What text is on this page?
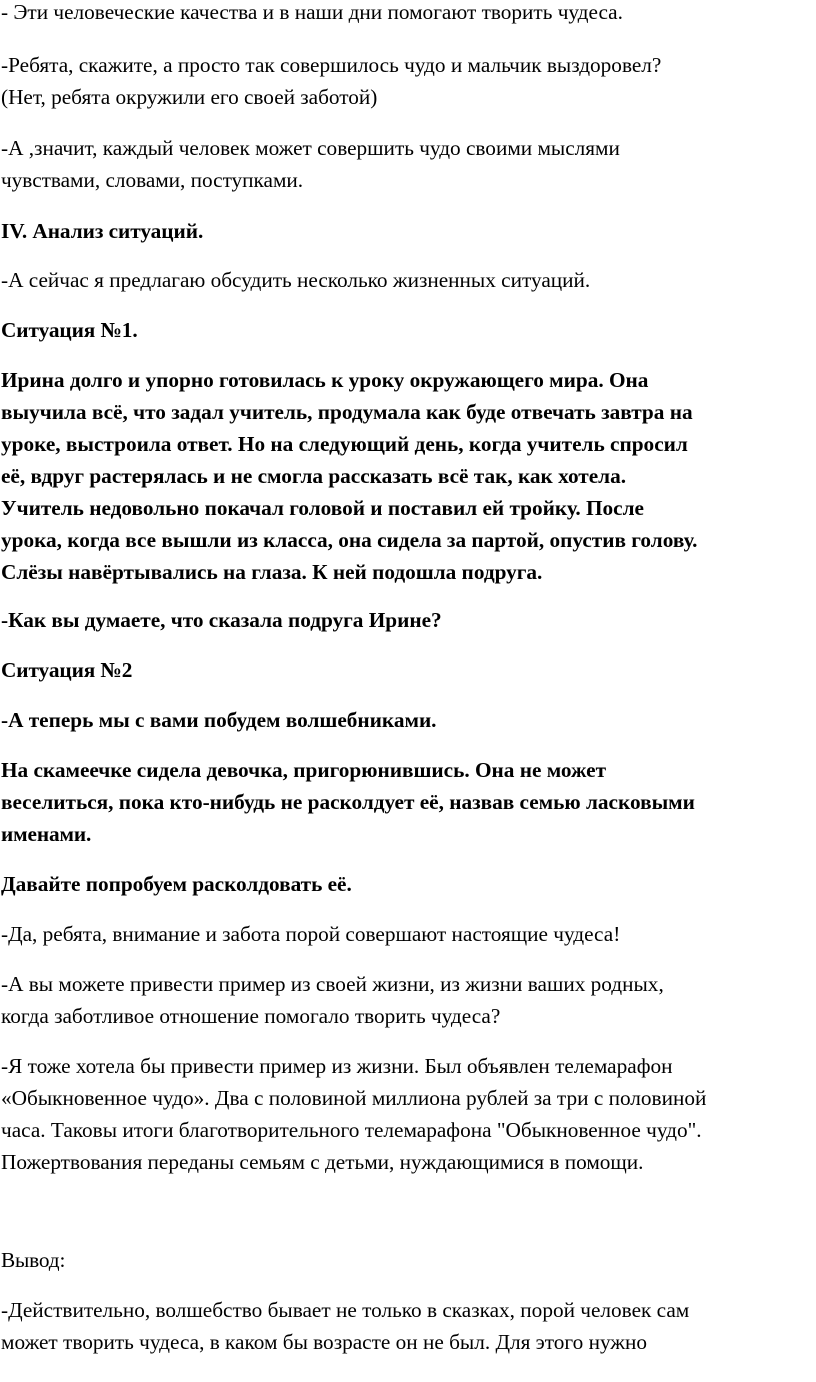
- Эти человеческие качества и в наши дни помогают творить чудеса.
-Ребята, скажите, а просто так совершилось чудо и мальчик выздоровел?
(Нет, ребята окружили его своей заботой)
-А ,значит, каждый человек может совершить чудо своими мыслями
чувствами, словами, поступками.
IV. Анализ ситуаций.
-А сейчас я предлагаю обсудить несколько жизненных ситуаций.
Ситуация №1.
Ирина долго и упорно готовилась к уроку окружающего мира. Она
выучила всё, что задал учитель, продумала как буде отвечать завтра на
уроке, выстроила ответ. Но на следующий день, когда учитель спросил
её, вдруг растерялась и не смогла рассказать всё так, как хотела.
Учитель недовольно покачал головой и поставил ей тройку. После
урока, когда все вышли из класса, она сидела за партой, опустив голову.
Слёзы навёртывались на глаза. К ней подошла подруга.
-Как вы думаете, что сказала подруга Ирине?
Ситуация №2
-А теперь мы с вами побудем волшебниками.
На скамеечке сидела девочка, пригорюнившись. Она не может
веселиться, пока кто-нибудь не расколдует её, назвав семью ласковыми
именами.
Давайте попробуем расколдовать её.
-Да, ребята, внимание и забота порой совершают настоящие чудеса!
-А вы можете привести пример из своей жизни, из жизни ваших родных,
когда заботливое отношение помогало творить чудеса?
-Я тоже хотела бы привести пример из жизни. Был объявлен телемарафон
«Обыкновенное чудо». Два с половиной миллиона рублей за три с половиной
часа. Таковы итоги благотворительного телемарафона "Обыкновенное чудо".
Пожертвования переданы семьям с детьми, нуждающимися в помощи.
Вывод:
-Действительно, волшебство бывает не только в сказках, порой человек сам
может творить чудеса, в каком бы возрасте он не был. Для этого нужно
